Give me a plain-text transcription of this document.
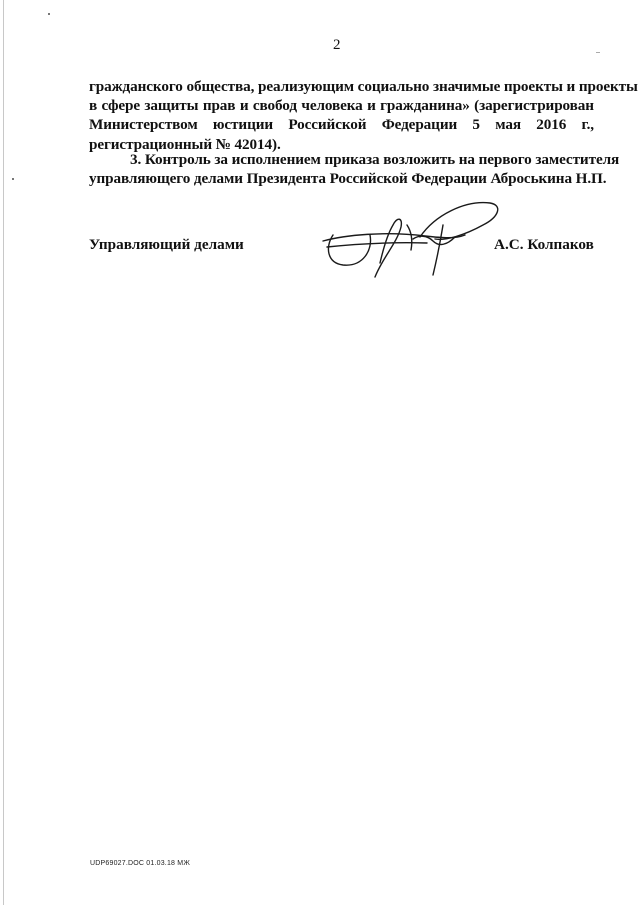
2
гражданского общества, реализующим социально значимые проекты и проекты
в сфере защиты прав и свобод человека и гражданина» (зарегистрирован
Министерством юстиции Российской Федерации 5 мая 2016 г.,
регистрационный № 42014).
3. Контроль за исполнением приказа возложить на первого заместителя
управляющего делами Президента Российской Федерации Аброськина Н.П.
Управляющий делами	А.С. Колпаков
UDP69027.DOC 01.03.18 МЖ
